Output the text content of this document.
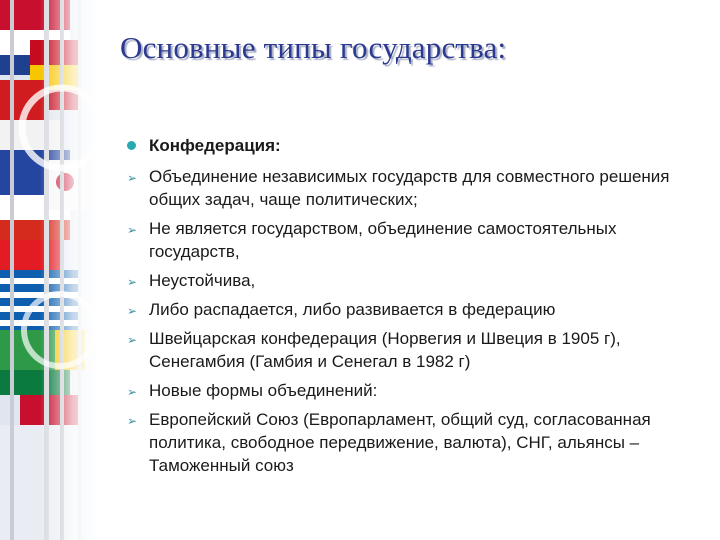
Основные типы государства:
Конфедерация:
➢ Объединение независимых государств для совместного решения общих задач, чаще политических;
➢ Не является государством, объединение самостоятельных государств,
➢ Неустойчива,
➢ Либо распадается, либо развивается в федерацию
➢ Швейцарская конфедерация (Норвегия и Швеция в 1905 г), Сенегамбия (Гамбия и Сенегал в 1982 г)
➢ Новые формы объединений:
➢ Европейский Союз (Европарламент, общий суд, согласованная политика, свободное передвижение, валюта), СНГ, альянсы – Таможенный союз
